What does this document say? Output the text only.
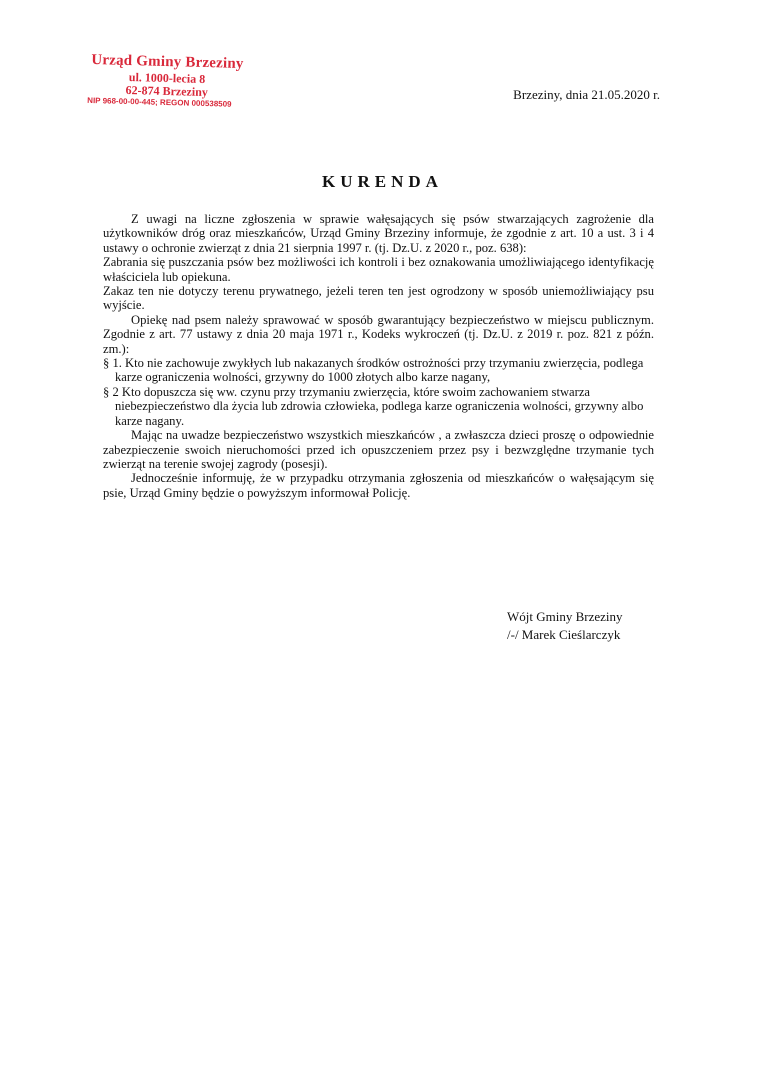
Urząd Gminy Brzeziny
ul. 1000-lecia 8
62-874 Brzeziny
NIP 968-00-00-445; REGON 000538509
Brzeziny, dnia 21.05.2020 r.
KURENDA

Z uwagi na liczne zgłoszenia w sprawie wałęsających się psów stwarzających zagrożenie dla użytkowników dróg oraz mieszkańców, Urząd Gminy Brzeziny informuje, że zgodnie z art. 10 a ust. 3 i 4 ustawy o ochronie zwierząt z dnia 21 sierpnia 1997 r. (tj. Dz.U. z 2020 r., poz. 638):

Zabrania się puszczania psów bez możliwości ich kontroli i bez oznakowania umożliwiającego identyfikację właściciela lub opiekuna.

Zakaz ten nie dotyczy terenu prywatnego, jeżeli teren ten jest ogrodzony w sposób uniemożliwiający psu wyjście.

Opiekę nad psem należy sprawować w sposób gwarantujący bezpieczeństwo w miejscu publicznym. Zgodnie z art. 77 ustawy z dnia 20 maja 1971 r., Kodeks wykroczeń (tj. Dz.U. z 2019 r. poz. 821 z późn. zm.):

§ 1. Kto nie zachowuje zwykłych lub nakazanych środków ostrożności przy trzymaniu zwierzęcia, podlega karze ograniczenia wolności, grzywny do 1000 złotych albo karze nagany,

§ 2 Kto dopuszcza się ww. czynu przy trzymaniu zwierzęcia, które swoim zachowaniem stwarza niebezpieczeństwo dla życia lub zdrowia człowieka, podlega karze ograniczenia wolności, grzywny albo karze nagany.

Mając na uwadze bezpieczeństwo wszystkich mieszkańców , a zwłaszcza dzieci proszę o odpowiednie zabezpieczenie swoich nieruchomości przed ich opuszczeniem przez psy i bezwzględne trzymanie tych zwierząt na terenie swojej zagrody (posesji).

Jednocześnie informuję, że w przypadku otrzymania zgłoszenia od mieszkańców o wałęsającym się psie, Urząd Gminy będzie o powyższym informował Policję.

Wójt Gminy Brzeziny
/-/ Marek Cieślarczyk
